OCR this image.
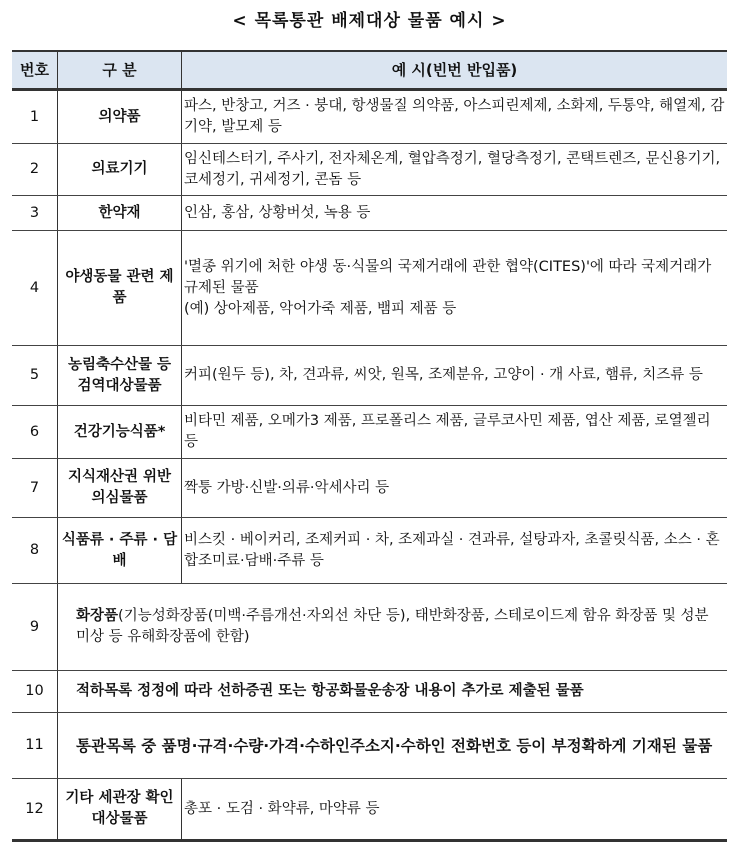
< 목록통관 배제대상 물품 예시 >
번호	구 분	예 시(빈번 반입품)
1	의약품	파스, 반창고, 거즈 · 붕대, 항생물질 의약품, 아스피린제제, 소화제, 두통약, 해열제, 감기약, 발모제 등
2	의료기기	임신테스터기, 주사기, 전자체온계, 혈압측정기, 혈당측정기, 콘택트렌즈, 문신용기기, 코세정기, 귀세정기, 콘돔 등
3	한약재	인삼, 홍삼, 상황버섯, 녹용 등
4	야생동물 관련 제품	'멸종 위기에 처한 야생 동·식물의 국제거래에 관한 협약(CITES)'에 따라 국제거래가 규제된 물품
(예) 상아제품, 악어가죽 제품, 뱀피 제품 등

5	농림축수산물 등 검역대상물품	커피(원두 등), 차, 견과류, 씨앗, 원목, 조제분유, 고양이 · 개 사료, 햄류, 치즈류 등
6	건강기능식품*	비타민 제품, 오메가3 제품, 프로폴리스 제품, 글루코사민 제품, 엽산 제품, 로열젤리 등
7	지식재산권 위반 의심물품	짝퉁 가방·신발·의류·악세사리 등
8	식품류 · 주류 · 담배	비스킷 · 베이커리, 조제커피 · 차, 조제과실 · 견과류, 설탕과자, 초콜릿식품, 소스 · 혼합조미료·담배·주류 등
9	화장품(기능성화장품(미백·주름개선·자외선 차단 등), 태반화장품, 스테로이드제 함유 화장품 및 성분 미상 등 유해화장품에 한함)	
10	적하목록 정정에 따라 선하증권 또는 항공화물운송장 내용이 추가로 제출된 물품	
11	통관목록 중 품명·규격·수량·가격·수하인주소지·수하인 전화번호 등이 부정확하게 기재된 물품	
12	기타 세관장 확인대상물품	총포 · 도검 · 화약류, 마약류 등
